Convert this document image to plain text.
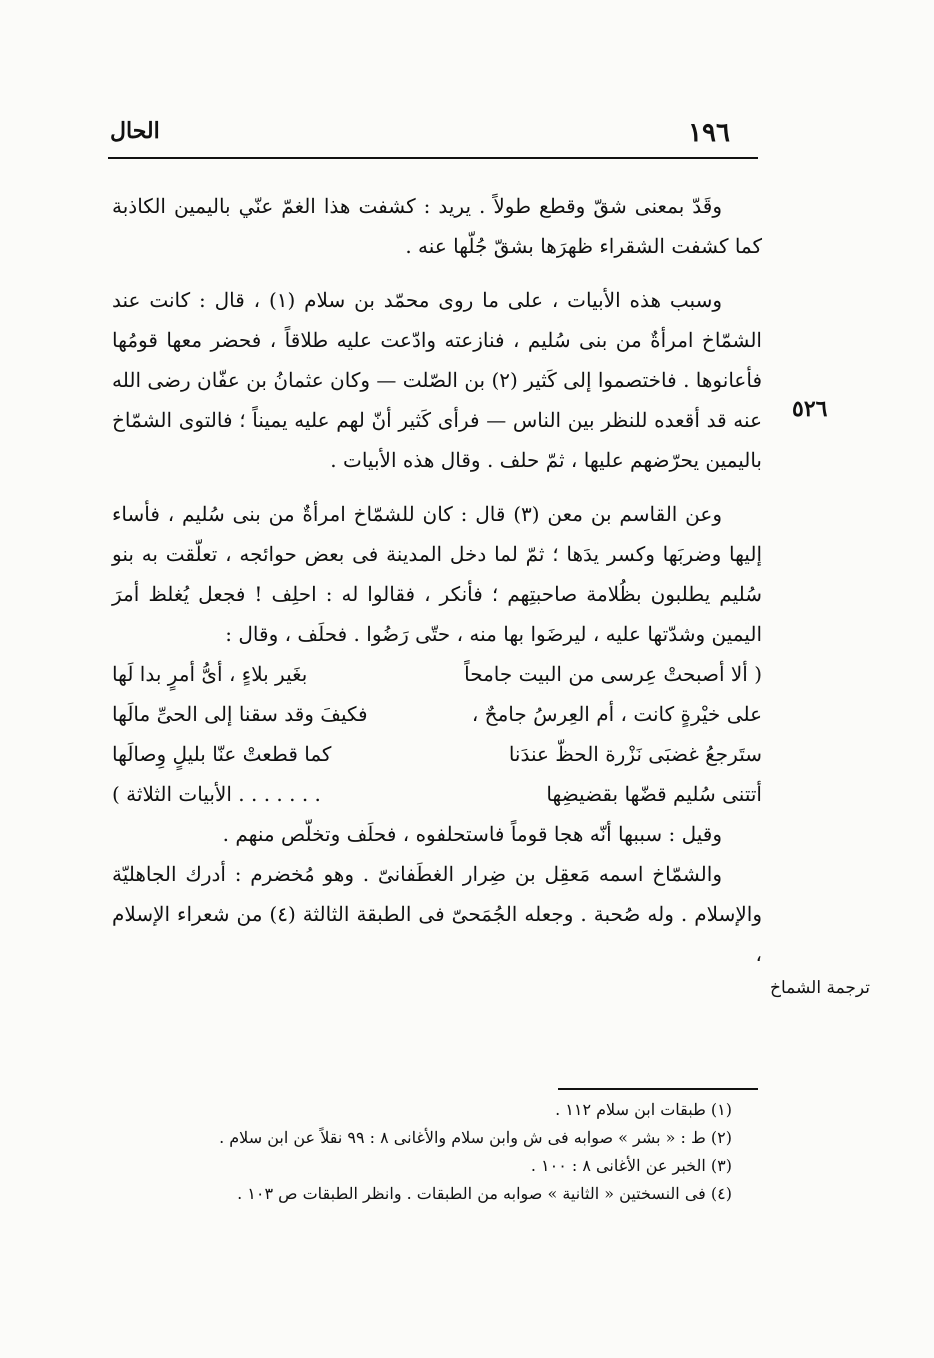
١٩٦
الحال
٥٢٦
ترجمة الشماخ

وقَدّ بمعنى شقّ وقطع طولاً . يريد : كشفت هذا الغمّ عنّي باليمين الكاذبة كما كشفت الشقراء ظهرَها بشقّ جُلّها عنه .

وسبب هذه الأبيات ، على ما روى محمّد بن سلام (١) ، قال : كانت عند الشمّاخ امرأةٌ من بنى سُليم ، فنازعته وادّعت عليه طلاقاً ، فحضر معها قومُها فأعانوها . فاختصموا إلى كَثير (٢) بن الصّلت — وكان عثمانُ بن عفّان رضى الله عنه قد أقعده للنظر بين الناس — فرأى كَثير أنّ لهم عليه يميناً ؛ فالتوى الشمّاخ باليمين يحرّضهم عليها ، ثمّ حلف . وقال هذه الأبيات .

وعن القاسم بن معن (٣) قال : كان للشمّاخ امرأةٌ من بنى سُليم ، فأساء إليها وضربَها وكسر يدَها ؛ ثمّ لما دخل المدينة فى بعض حوائجه ، تعلّقت به بنو سُليم يطلبون بظُلامة صاحبتِهم ؛ فأنكر ، فقالوا له : احلِف ! فجعل يُغلظ أمرَ اليمين وشدّتها عليه ، ليرضَوا بها منه ، حتّى رَضُوا . فحلَف ، وقال :

( ألا أصبحتْ عِرسى من البيت جامحاً
بغَير بلاءٍ ، أىُّ أمرٍ بدا لَها
على خيْرةٍ كانت ، أم العِرسُ جامحٌ ،
فكيفَ وقد سقنا إلى الحىِّ مالَها
ستَرجعُ غضبَى نَزْرة الحظّ عندَنا
كما قطعتْ عنّا بليلٍ وِصالَها
أتتنى سُليم قضّها بقضيضِها
. . . . . . . الأبيات الثلاثة )

وقيل : سببها أنّه هجا قوماً فاستحلفوه ، فحلَف وتخلّص منهم .

والشمّاخ اسمه مَعقِل بن ضِرار الغطَفانىّ . وهو مُخضرم : أدرك الجاهليّة والإسلام . وله صُحبة . وجعله الجُمَحىّ فى الطبقة الثالثة (٤) من شعراء الإسلام ،

(١) طبقات ابن سلام ١١٢ .

(٢) ط : « بشر » صوابه فى ش وابن سلام والأغانى ٨ : ٩٩ نقلاً عن ابن سلام .

(٣) الخبر عن الأغانى ٨ : ١٠٠ .

(٤) فى النسختين « الثانية » صوابه من الطبقات . وانظر الطبقات ص ١٠٣ .
